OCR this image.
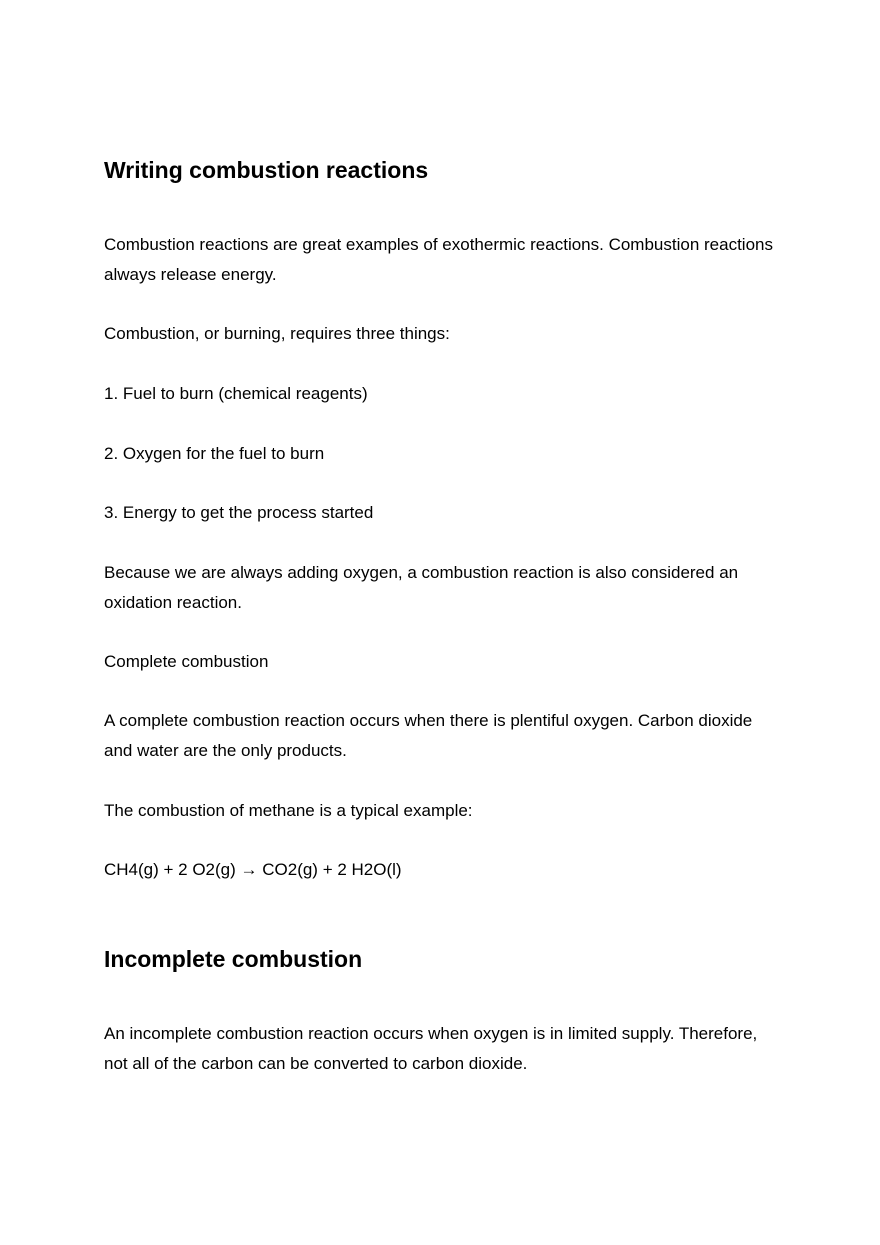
Writing combustion reactions

Combustion reactions are great examples of exothermic reactions. Combustion reactions always release energy.

Combustion, or burning, requires three things:

1. Fuel to burn (chemical reagents)

2. Oxygen for the fuel to burn

3. Energy to get the process started

Because we are always adding oxygen, a combustion reaction is also considered an oxidation reaction.

Complete combustion

A complete combustion reaction occurs when there is plentiful oxygen. Carbon dioxide and water are the only products.

The combustion of methane is a typical example:

CH4(g) + 2 O2(g) → CO2(g) + 2 H2O(l)

Incomplete combustion

An incomplete combustion reaction occurs when oxygen is in limited supply. Therefore, not all of the carbon can be converted to carbon dioxide.
